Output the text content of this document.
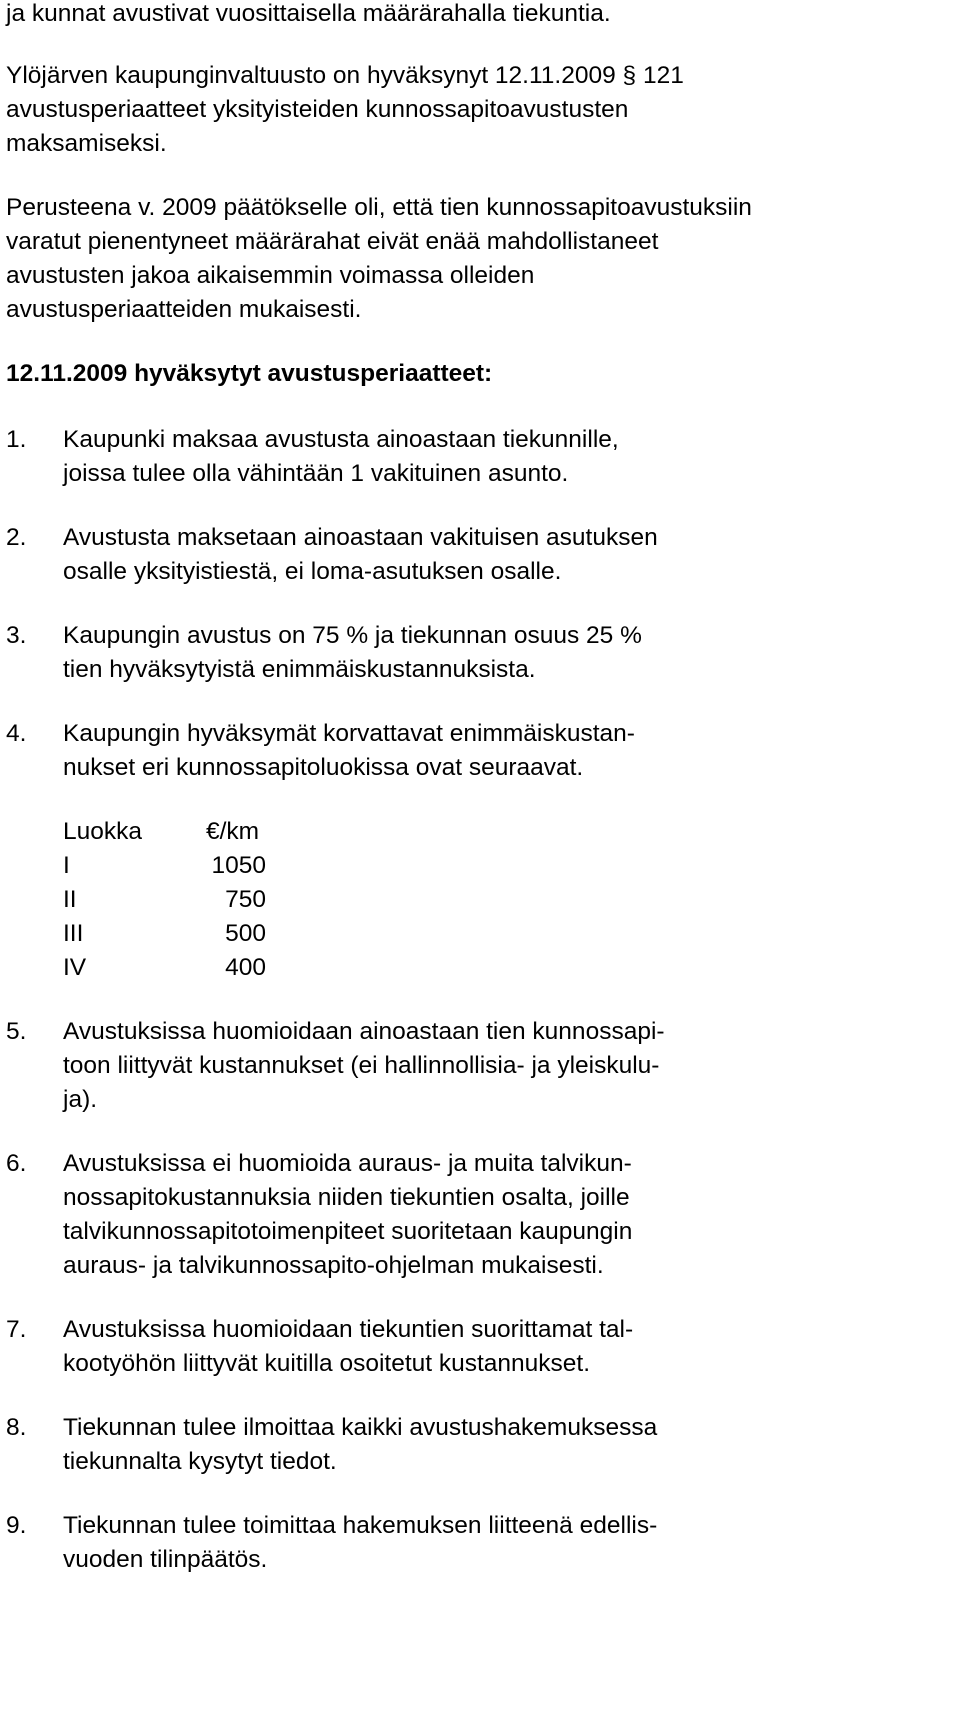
ja kunnat avustivat vuosittaisella määrärahalla tiekuntia.
Ylöjärven kaupunginvaltuusto on hyväksynyt 12.11.2009 § 121
avustusperiaatteet yksityisteiden kunnossapitoavustusten
maksamiseksi.
Perusteena v. 2009 päätökselle oli, että tien kunnossapitoavustuksiin
varatut pienentyneet määrärahat eivät enää mahdollistaneet
avustusten jakoa aikaisemmin voimassa olleiden
avustusperiaatteiden mukaisesti.
12.11.2009 hyväksytyt avustusperiaatteet:
1. Kaupunki maksaa avustusta ainoastaan tiekunnille,
joissa tulee olla vähintään 1 vakituinen asunto.
2. Avustusta maksetaan ainoastaan vakituisen asutuksen
osalle yksityistiestä, ei loma-asutuksen osalle.
3. Kaupungin avustus on 75 % ja tiekunnan osuus 25 %
tien hyväksytyistä enimmäiskustannuksista.
4. Kaupungin hyväksymät korvattavat enimmäiskustan-
nukset eri kunnossapitoluokissa ovat seuraavat.
Luokka	€/km
I	1050
II	750
III	500
IV	400
5. Avustuksissa huomioidaan ainoastaan tien kunnossapi-
toon liittyvät kustannukset (ei hallinnollisia- ja yleiskulu-
ja).
6. Avustuksissa ei huomioida auraus- ja muita talvikun-
nossapitokustannuksia niiden tiekuntien osalta, joille
talvikunnossapitotoimenpiteet suoritetaan kaupungin
auraus- ja talvikunnossapito-ohjelman mukaisesti.
7. Avustuksissa huomioidaan tiekuntien suorittamat tal-
kootyöhön liittyvät kuitilla osoitetut kustannukset.
8. Tiekunnan tulee ilmoittaa kaikki avustushakemuksessa
tiekunnalta kysytyt tiedot.
9. Tiekunnan tulee toimittaa hakemuksen liitteenä edellis-
vuoden tilinpäätös.
